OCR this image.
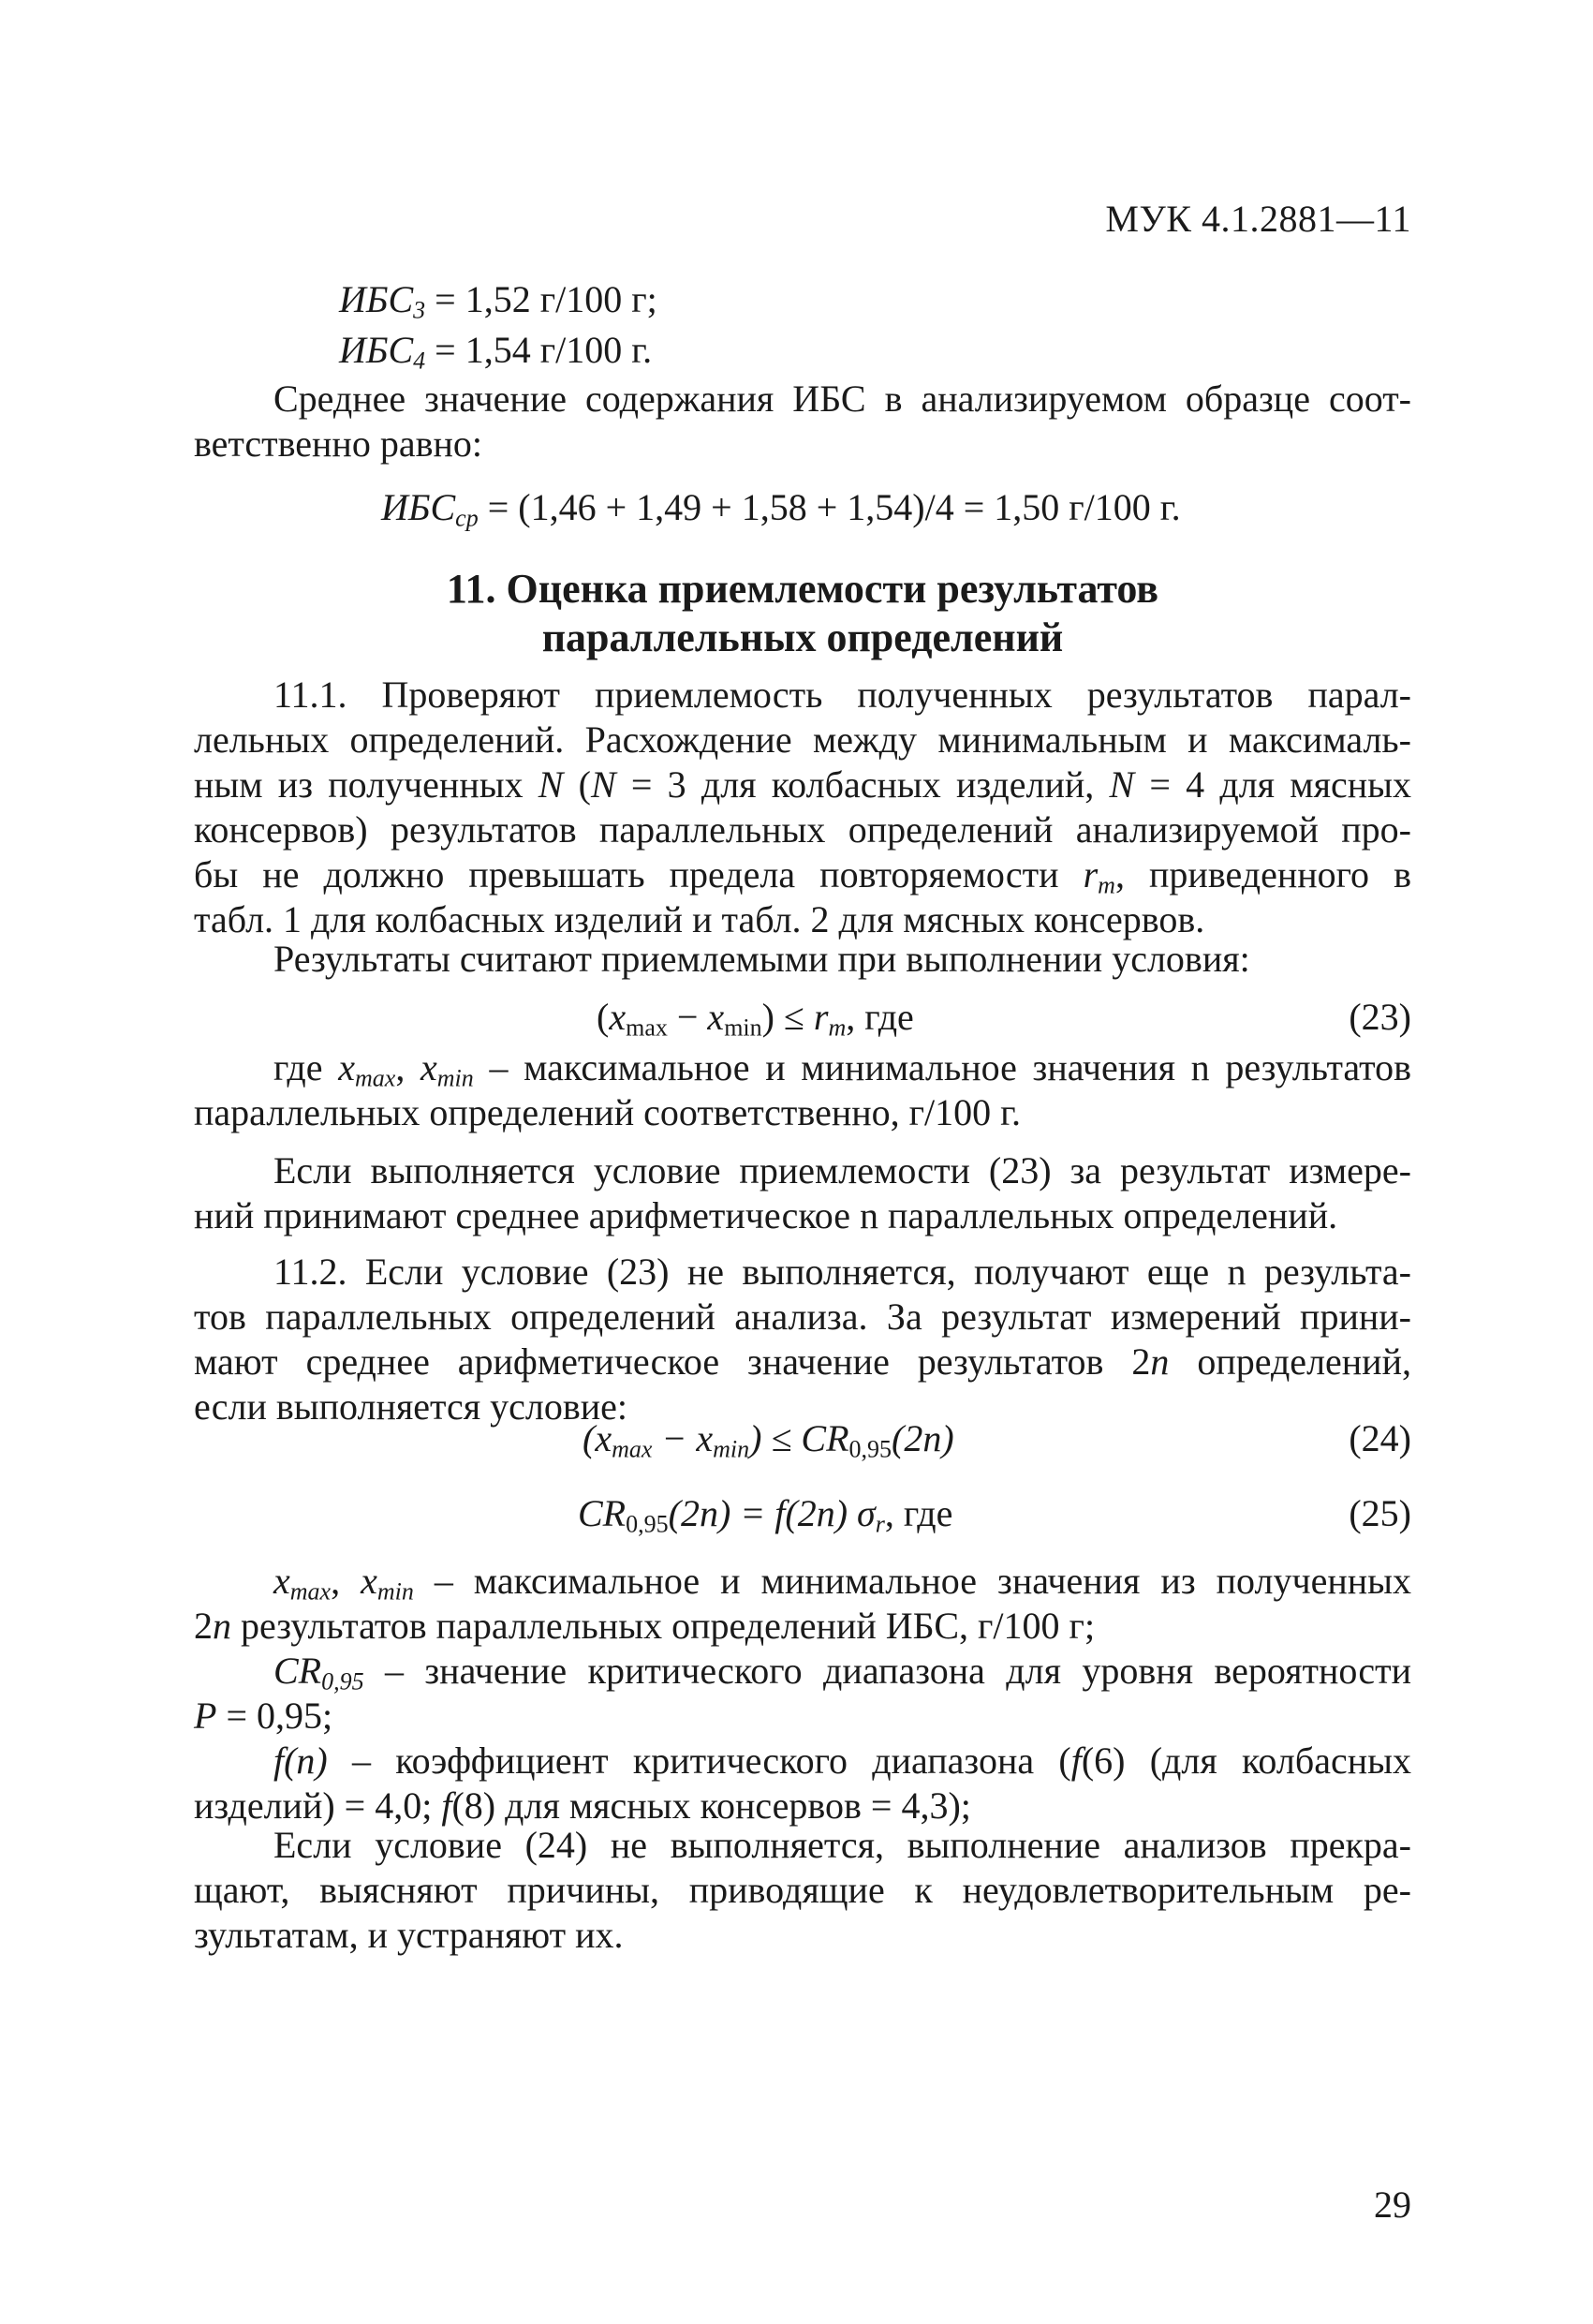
МУК 4.1.2881—11
$ИБС_3 = 1,52$ г/100 г;
$ИБС_4 = 1,54$ г/100 г.
Среднее значение содержания ИБС в анализируемом образце соот-
ветственно равно:
$ИБС_{ср} = (1,46 + 1,49 + 1,58 + 1,54)/4 = 1,50$ г/100 г.
11. Оценка приемлемости результатов
параллельных определений
11.1. Проверяют приемлемость полученных результатов парал-
лельных определений. Расхождение между минимальным и максималь-
ным из полученных N (N = 3 для колбасных изделий, N = 4 для мясных
консервов) результатов параллельных определений анализируемой про-
бы не должно превышать предела повторяемости $r_m$, приведенного в
табл. 1 для колбасных изделий и табл. 2 для мясных консервов.
Результаты считают приемлемыми при выполнении условия:
$(x_{max} - x_{min}) \le r_m$, где	(23)
где $x_{max}$, $x_{min}$ – максимальное и минимальное значения n результатов
параллельных определений соответственно, г/100 г.
Если выполняется условие приемлемости (23) за результат измере-
ний принимают среднее арифметическое n параллельных определений.
11.2. Если условие (23) не выполняется, получают еще n результа-
тов параллельных определений анализа. За результат измерений прини-
мают среднее арифметическое значение результатов 2n определений,
если выполняется условие:
$(x_{max} - x_{min}) \le CR_{0,95}(2n)$	(24)
$CR_{0,95}(2n) = f(2n)$ $\sigma_r$, где	(25)
$x_{max}$, $x_{min}$ – максимальное и минимальное значения из полученных
2n результатов параллельных определений ИБС, г/100 г;
$CR_{0,95}$ – значение критического диапазона для уровня вероятности
P = 0,95;
f(n) – коэффициент критического диапазона (f(6) (для колбасных
изделий) = 4,0; f(8) для мясных консервов = 4,3);
Если условие (24) не выполняется, выполнение анализов прекра-
щают, выясняют причины, приводящие к неудовлетворительным ре-
зультатам, и устраняют их.
29
